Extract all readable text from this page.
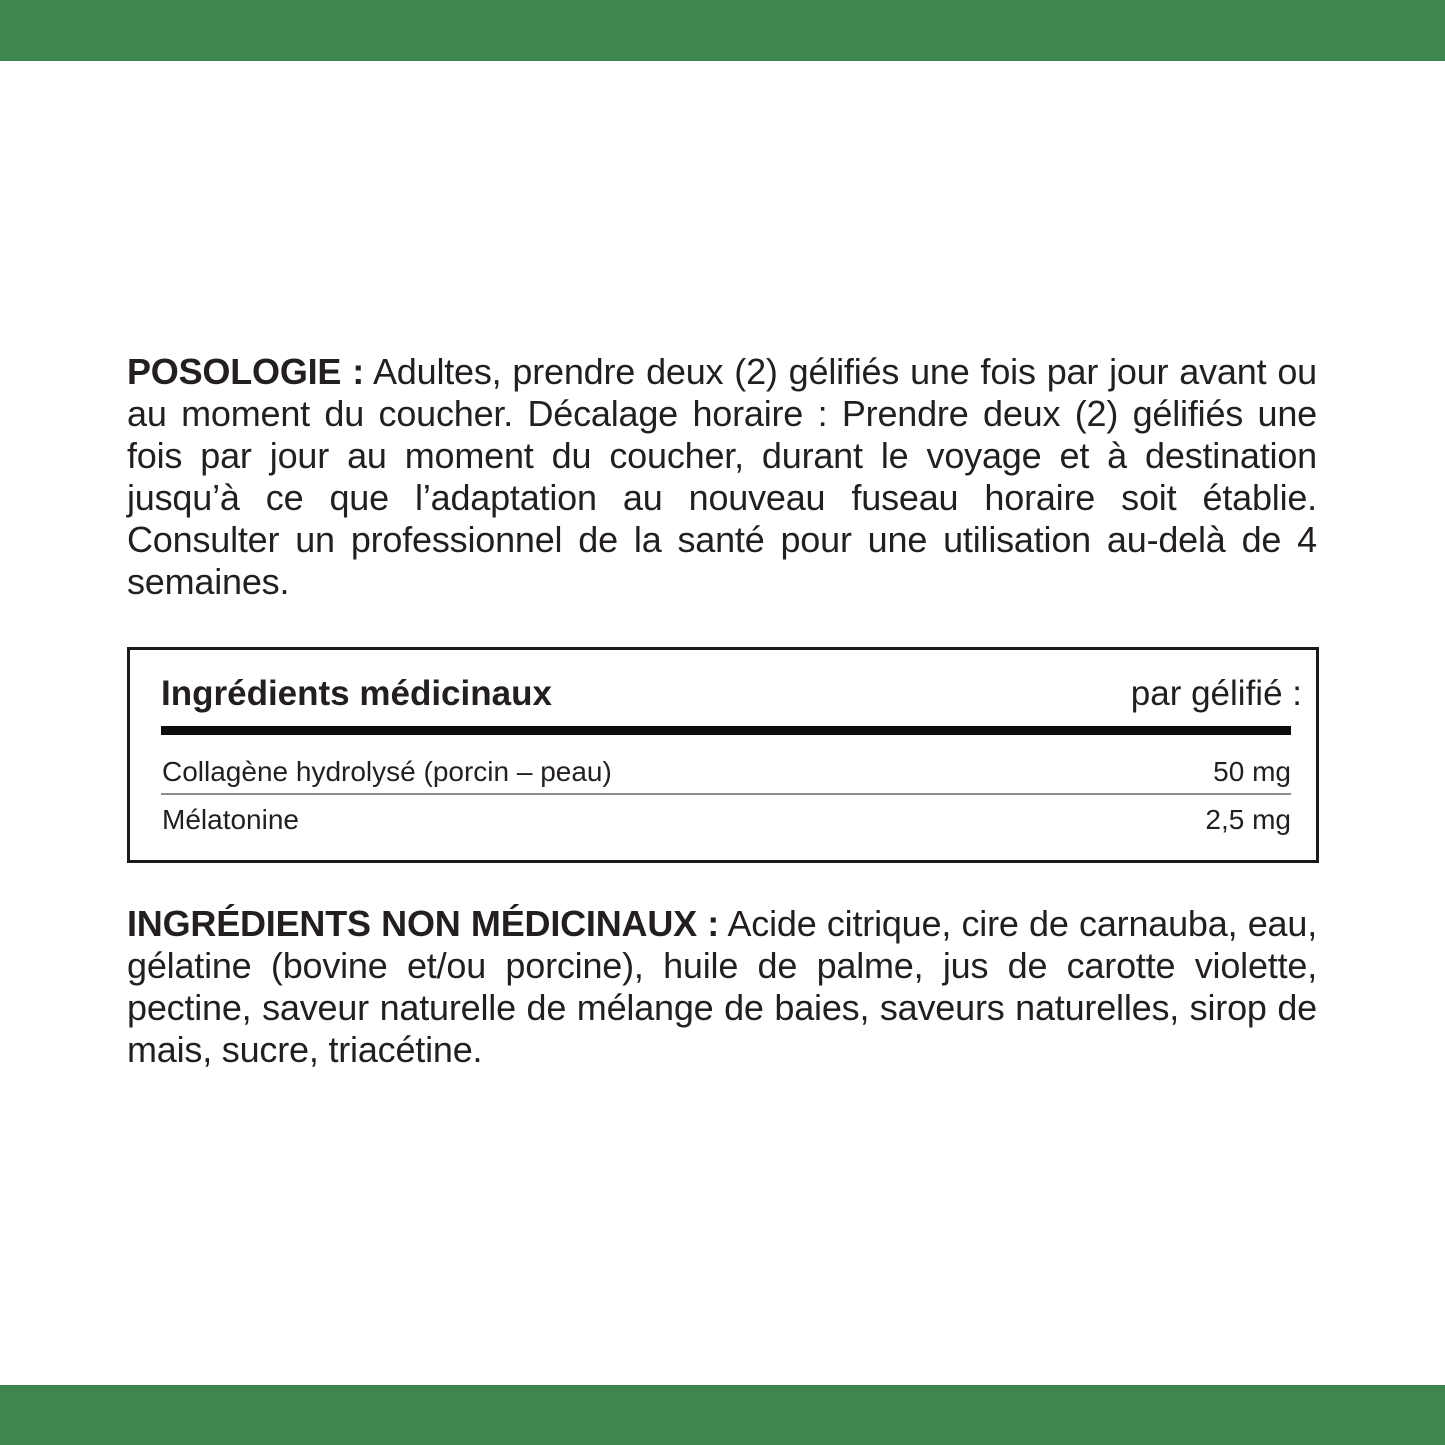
POSOLOGIE : Adultes, prendre deux (2) gélifiés une fois par jour avant ou au moment du coucher. Décalage horaire : Prendre deux (2) gélifiés une fois par jour au moment du coucher, durant le voyage et à destination jusqu’à ce que l’adaptation au nouveau fuseau horaire soit établie. Consulter un professionnel de la santé pour une utilisation au-delà de 4 semaines.

Ingrédients médicinaux	par gélifié :
Collagène hydrolysé (porcin – peau)	50 mg
Mélatonine	2,5 mg

INGRÉDIENTS NON MÉDICINAUX : Acide citrique, cire de carnauba, eau, gélatine (bovine et/ou porcine), huile de palme, jus de carotte violette, pectine, saveur naturelle de mélange de baies, saveurs naturelles, sirop de mais, sucre, triacétine.
